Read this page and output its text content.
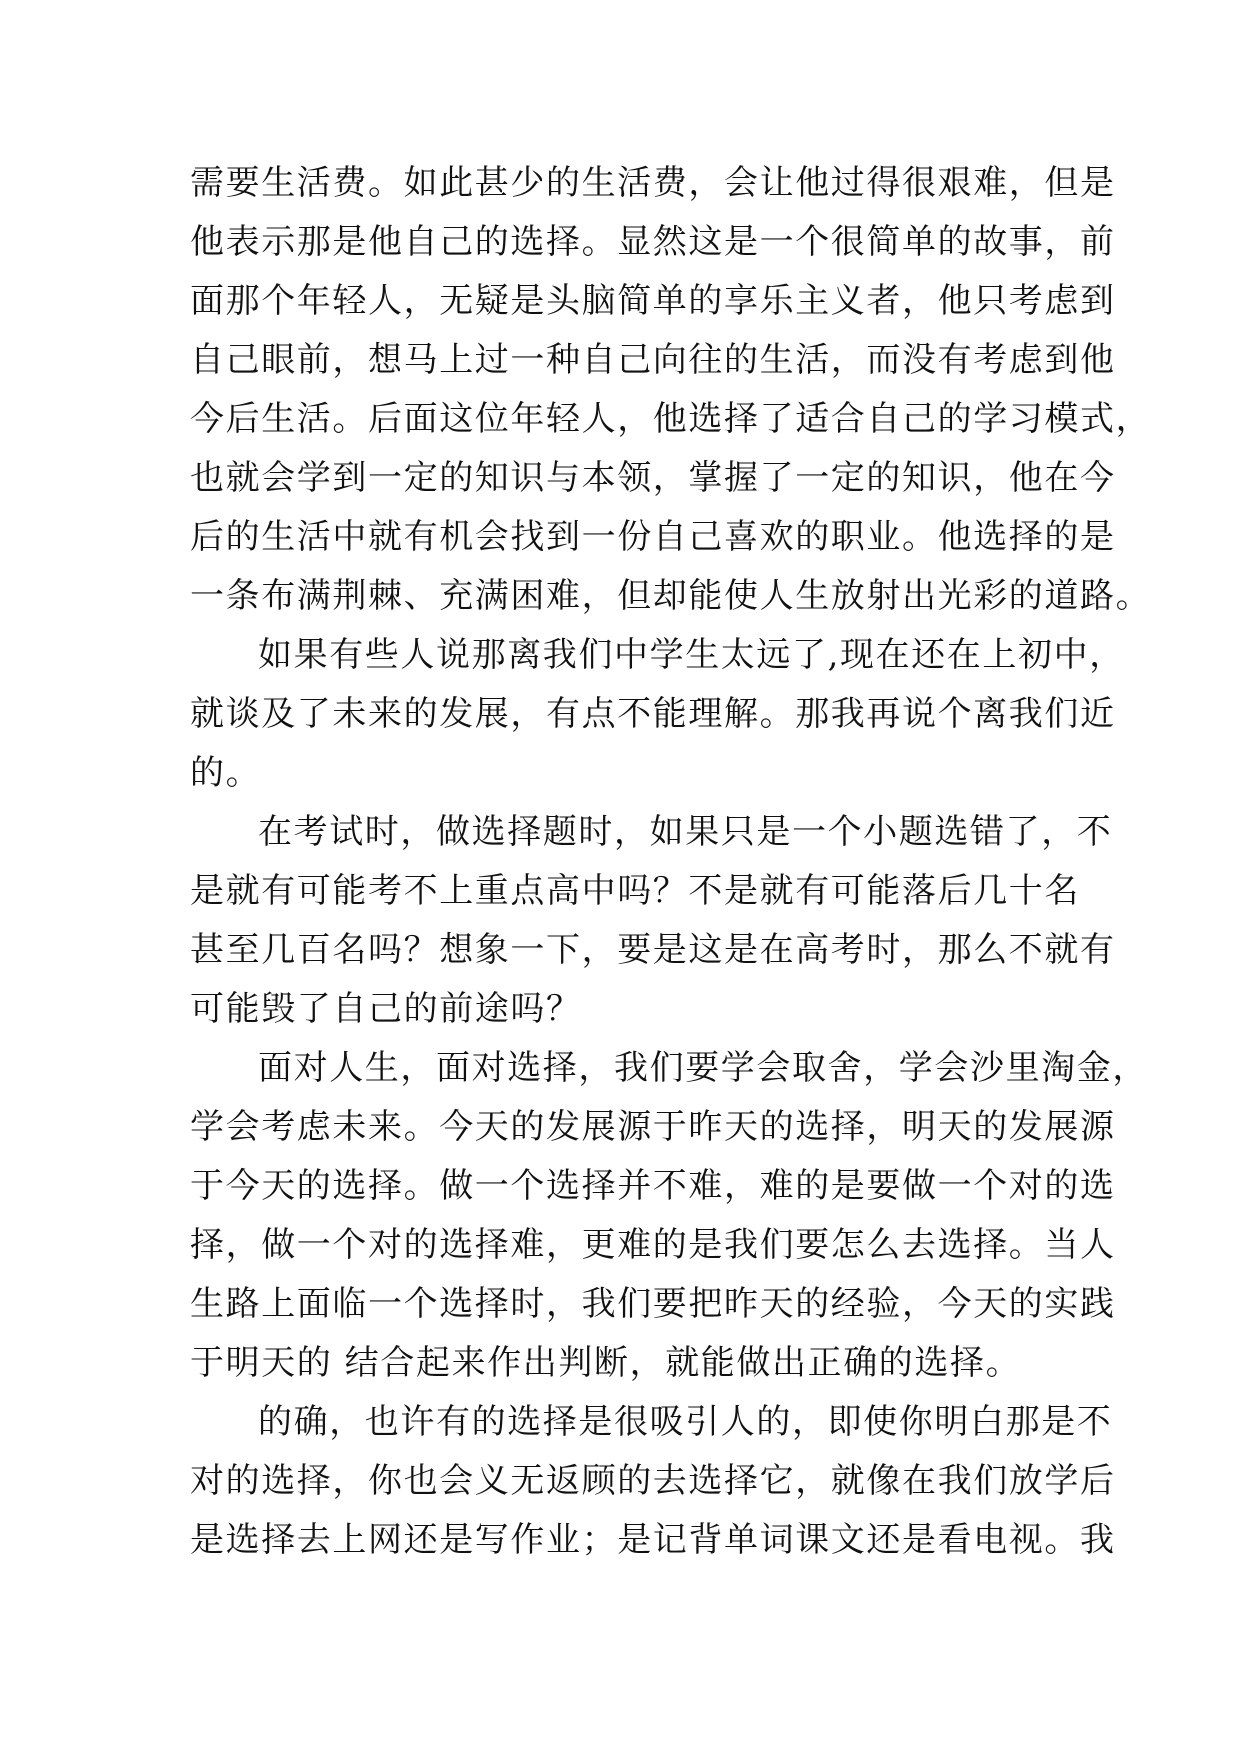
需要生活费。如此甚少的生活费，会让他过得很艰难，但是
他表示那是他自己的选择。显然这是一个很简单的故事，前
面那个年轻人，无疑是头脑简单的享乐主义者，他只考虑到
自己眼前，想马上过一种自己向往的生活，而没有考虑到他
今后生活。后面这位年轻人，他选择了适合自己的学习模式，
也就会学到一定的知识与本领，掌握了一定的知识，他在今
后的生活中就有机会找到一份自己喜欢的职业。他选择的是
一条布满荆棘、充满困难，但却能使人生放射出光彩的道路。
如果有些人说那离我们中学生太远了,现在还在上初中，
就谈及了未来的发展，有点不能理解。那我再说个离我们近
的。
在考试时，做选择题时，如果只是一个小题选错了，不
是就有可能考不上重点高中吗？不是就有可能落后几十名
甚至几百名吗？想象一下，要是这是在高考时，那么不就有
可能毁了自己的前途吗？
面对人生，面对选择，我们要学会取舍，学会沙里淘金，
学会考虑未来。今天的发展源于昨天的选择，明天的发展源
于今天的选择。做一个选择并不难，难的是要做一个对的选
择，做一个对的选择难，更难的是我们要怎么去选择。当人
生路上面临一个选择时，我们要把昨天的经验，今天的实践
于明天的 结合起来作出判断，就能做出正确的选择。
的确，也许有的选择是很吸引人的，即使你明白那是不
对的选择，你也会义无返顾的去选择它，就像在我们放学后
是选择去上网还是写作业；是记背单词课文还是看电视。我
